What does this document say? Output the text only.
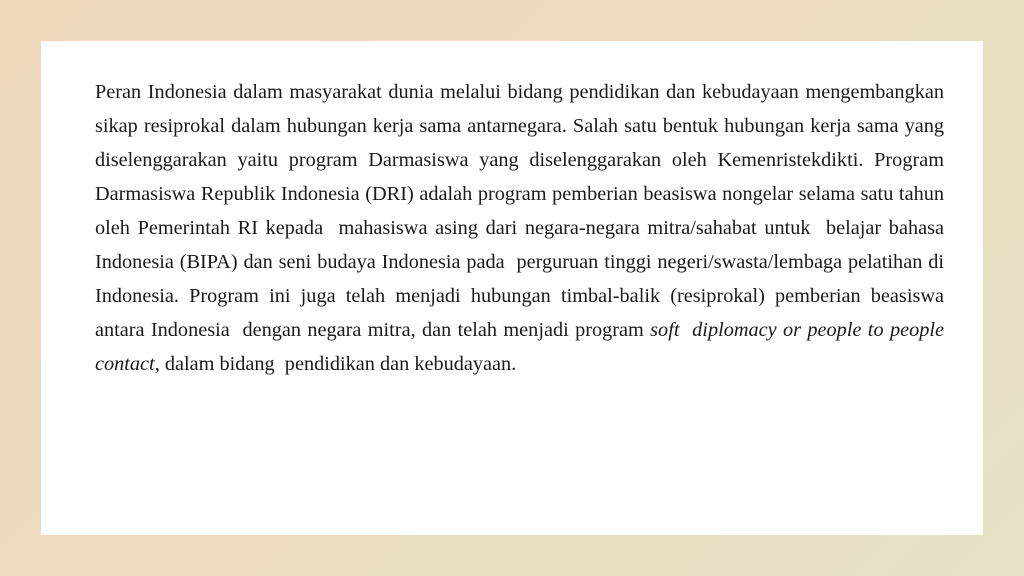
Peran Indonesia dalam masyarakat dunia melalui bidang pendidikan dan kebudayaan mengembangkan sikap resiprokal dalam hubungan kerja sama antarnegara. Salah satu bentuk hubungan kerja sama yang diselenggarakan yaitu program Darmasiswa yang diselenggarakan oleh Kemenristekdikti. Program Darmasiswa Republik Indonesia (DRI) adalah program pemberian beasiswa nongelar selama satu tahun oleh Pemerintah RI kepada  mahasiswa asing dari negara-negara mitra/sahabat untuk  belajar bahasa Indonesia (BIPA) dan seni budaya Indonesia pada  perguruan tinggi negeri/swasta/lembaga pelatihan di Indonesia. Program ini juga telah menjadi hubungan timbal-balik (resiprokal) pemberian beasiswa antara Indonesia  dengan negara mitra, dan telah menjadi program soft  diplomacy or people to people contact, dalam bidang  pendidikan dan kebudayaan.
